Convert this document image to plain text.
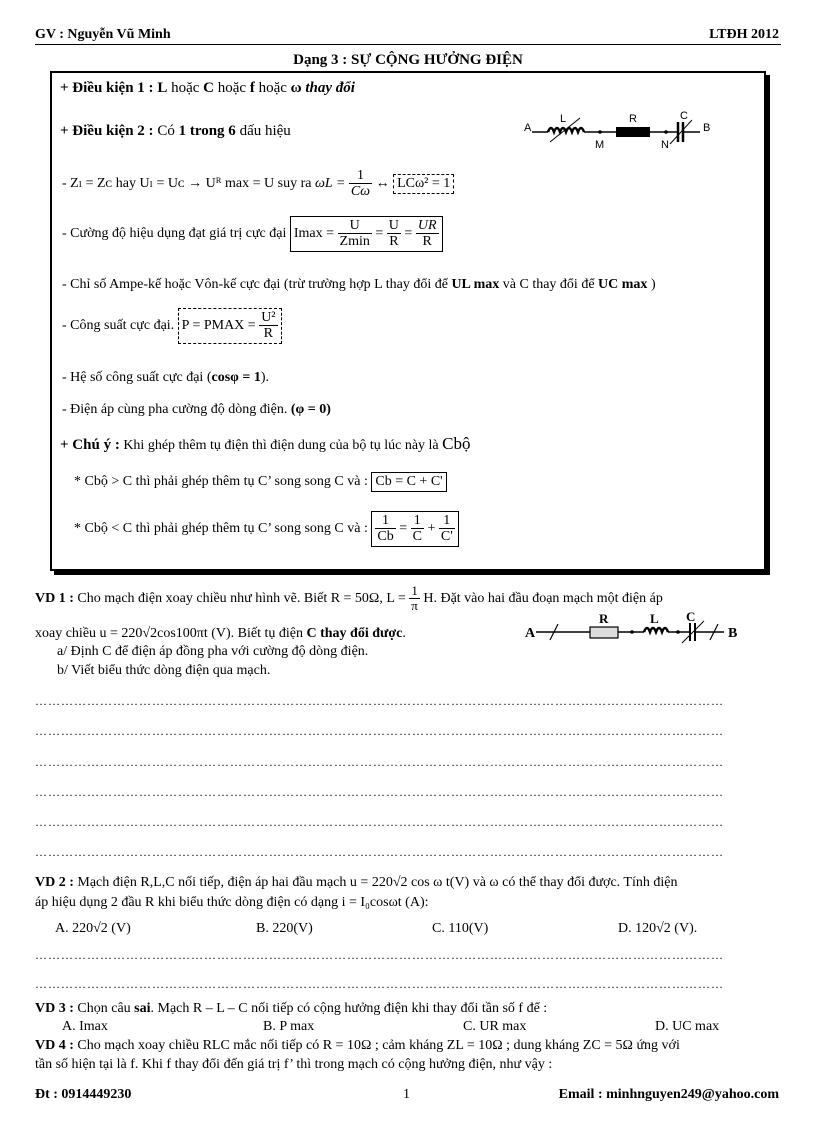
GV : Nguyễn Vũ Minh	LTĐH 2012
Dạng 3 : SỰ CỘNG HƯỞNG ĐIỆN
+ Điều kiện 1 : L hoặc C hoặc f hoặc ω thay đổi
+ Điều kiện 2 : Có 1 trong 6 dấu hiệu	A
L
M
R
N
C
B
- Zₗ = Zᴄ hay Uₗ = Uᴄ → Uᴿ max = U suy ra $\omega L = \frac{1}{C\omega}$ ↔ LCω² = 1
- Cường độ hiệu dụng đạt giá trị cực đại $Imax = \frac{U}{Zmin} = \frac{U}{R} = \frac{UR}{R}$
- Chỉ số Ampe-kế hoặc Vôn-kế cực đại (trừ trường hợp L thay đổi để UL max và C thay đổi để UC max )
- Công suất cực đại. P = PMAX = $\frac{\text{U²}}{R}$
- Hệ số công suất cực đại (cosφ = 1).
- Điện áp cùng pha cường độ dòng điện. (φ = 0)
+ Chú ý : Khi ghép thêm tụ điện thì điện dung của bộ tụ lúc này là Cbộ
* Cbộ > C thì phải ghép thêm tụ C’ song song C và : Cb = C + C'
* Cbộ < C thì phải ghép thêm tụ C’ song song C và : $\frac{1}{Cb} = \frac{1}{C} + \frac{1}{C'}$
VD 1 : Cho mạch điện xoay chiều như hình vẽ. Biết R = 50Ω, $L = \frac{1}{\pi} H$. Đặt vào hai đầu đoạn mạch một điện áp
xoay chiều u = 220√2cos100πt (V). Biết tụ điện C thay đổi được.
a/ Định C để điện áp đồng pha với cường độ dòng điện.
b/ Viết biểu thức dòng điện qua mạch.
A
R	L C
B
……………………………………………………………………………………………………………………………………………
……………………………………………………………………………………………………………………………………………
……………………………………………………………………………………………………………………………………………
……………………………………………………………………………………………………………………………………………
……………………………………………………………………………………………………………………………………………
……………………………………………………………………………………………………………………………………………
VD 2 : Mạch điện R,L,C nối tiếp, điện áp hai đầu mạch u = 220√2 cos ω t(V) và ω có thể thay đổi được. Tính điện
áp hiệu dụng 2 đầu R khi biểu thức dòng điện có dạng i = I₀cosωt (A):
A. 220√2 (V)	B. 220(V)	C. 110(V)	D. 120√2 (V).
……………………………………………………………………………………………………………………………………………
……………………………………………………………………………………………………………………………………………
VD 3 : Chọn câu sai. Mạch R – L – C nối tiếp có cộng hưởng điện khi thay đổi tần số f để :
A. Imax	B. P max	C. UR max	D. UC max
VD 4 : Cho mạch xoay chiều RLC mắc nối tiếp có R = 10Ω ; cảm kháng ZL = 10Ω ; dung kháng ZC = 5Ω ứng với
tần số hiện tại là f. Khi f thay đổi đến giá trị f’ thì trong mạch có cộng hưởng điện, như vậy :
Đt : 0914449230	1	Email : minhnguyen249@yahoo.com
